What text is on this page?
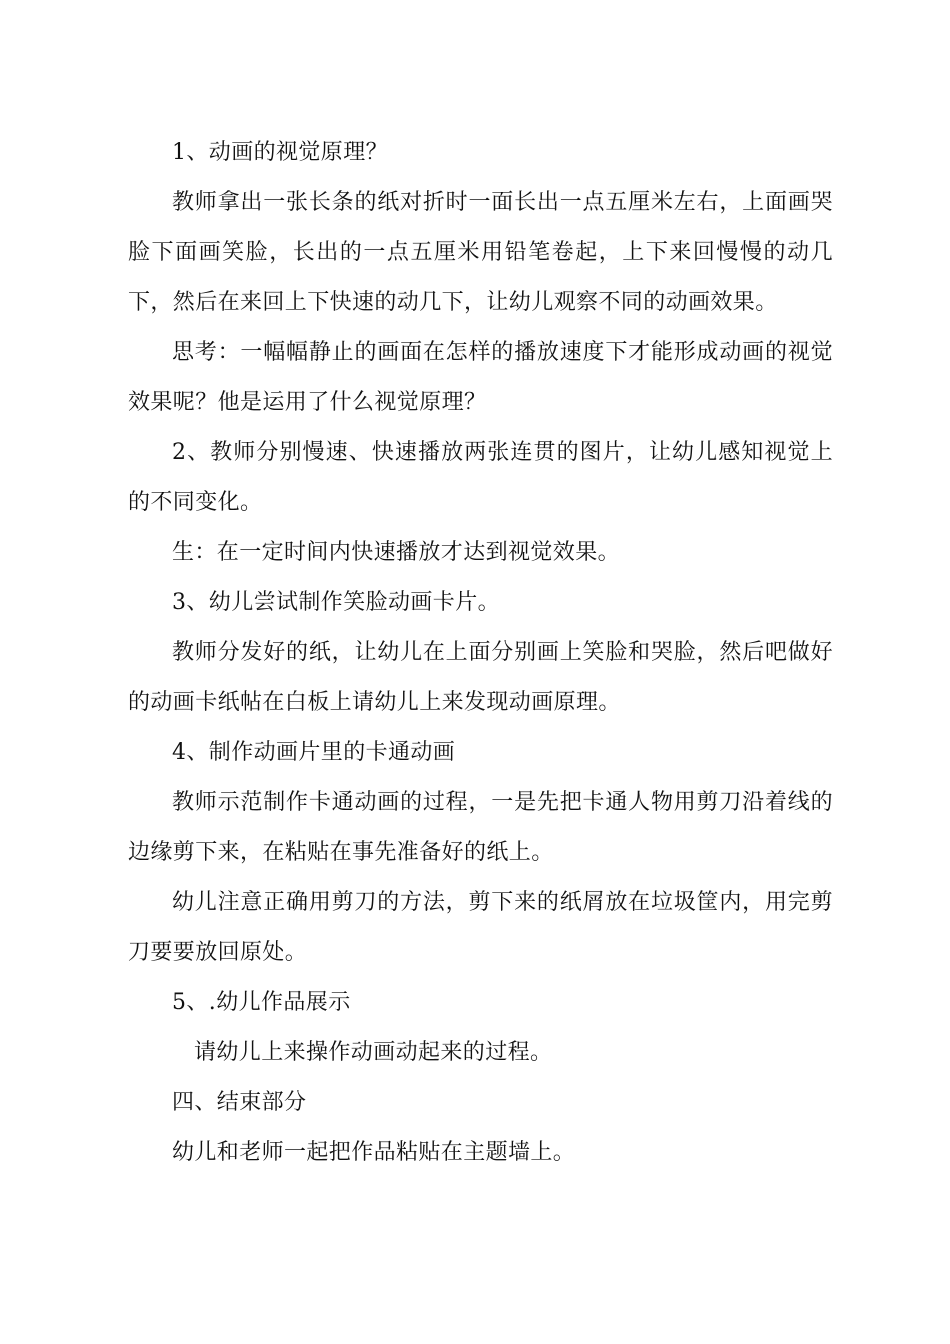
1、动画的视觉原理？

教师拿出一张长条的纸对折时一面长出一点五厘米左右，上面画哭脸下面画笑脸，长出的一点五厘米用铅笔卷起，上下来回慢慢的动几下，然后在来回上下快速的动几下，让幼儿观察不同的动画效果。

思考：一幅幅静止的画面在怎样的播放速度下才能形成动画的视觉效果呢？他是运用了什么视觉原理？

2、教师分别慢速、快速播放两张连贯的图片，让幼儿感知视觉上的不同变化。

生：在一定时间内快速播放才达到视觉效果。

3、幼儿尝试制作笑脸动画卡片。

教师分发好的纸，让幼儿在上面分别画上笑脸和哭脸，然后吧做好的动画卡纸帖在白板上请幼儿上来发现动画原理。

4、制作动画片里的卡通动画

教师示范制作卡通动画的过程，一是先把卡通人物用剪刀沿着线的边缘剪下来，在粘贴在事先准备好的纸上。

幼儿注意正确用剪刀的方法，剪下来的纸屑放在垃圾筐内，用完剪刀要要放回原处。

5、.幼儿作品展示

请幼儿上来操作动画动起来的过程。

四、结束部分

幼儿和老师一起把作品粘贴在主题墙上。
